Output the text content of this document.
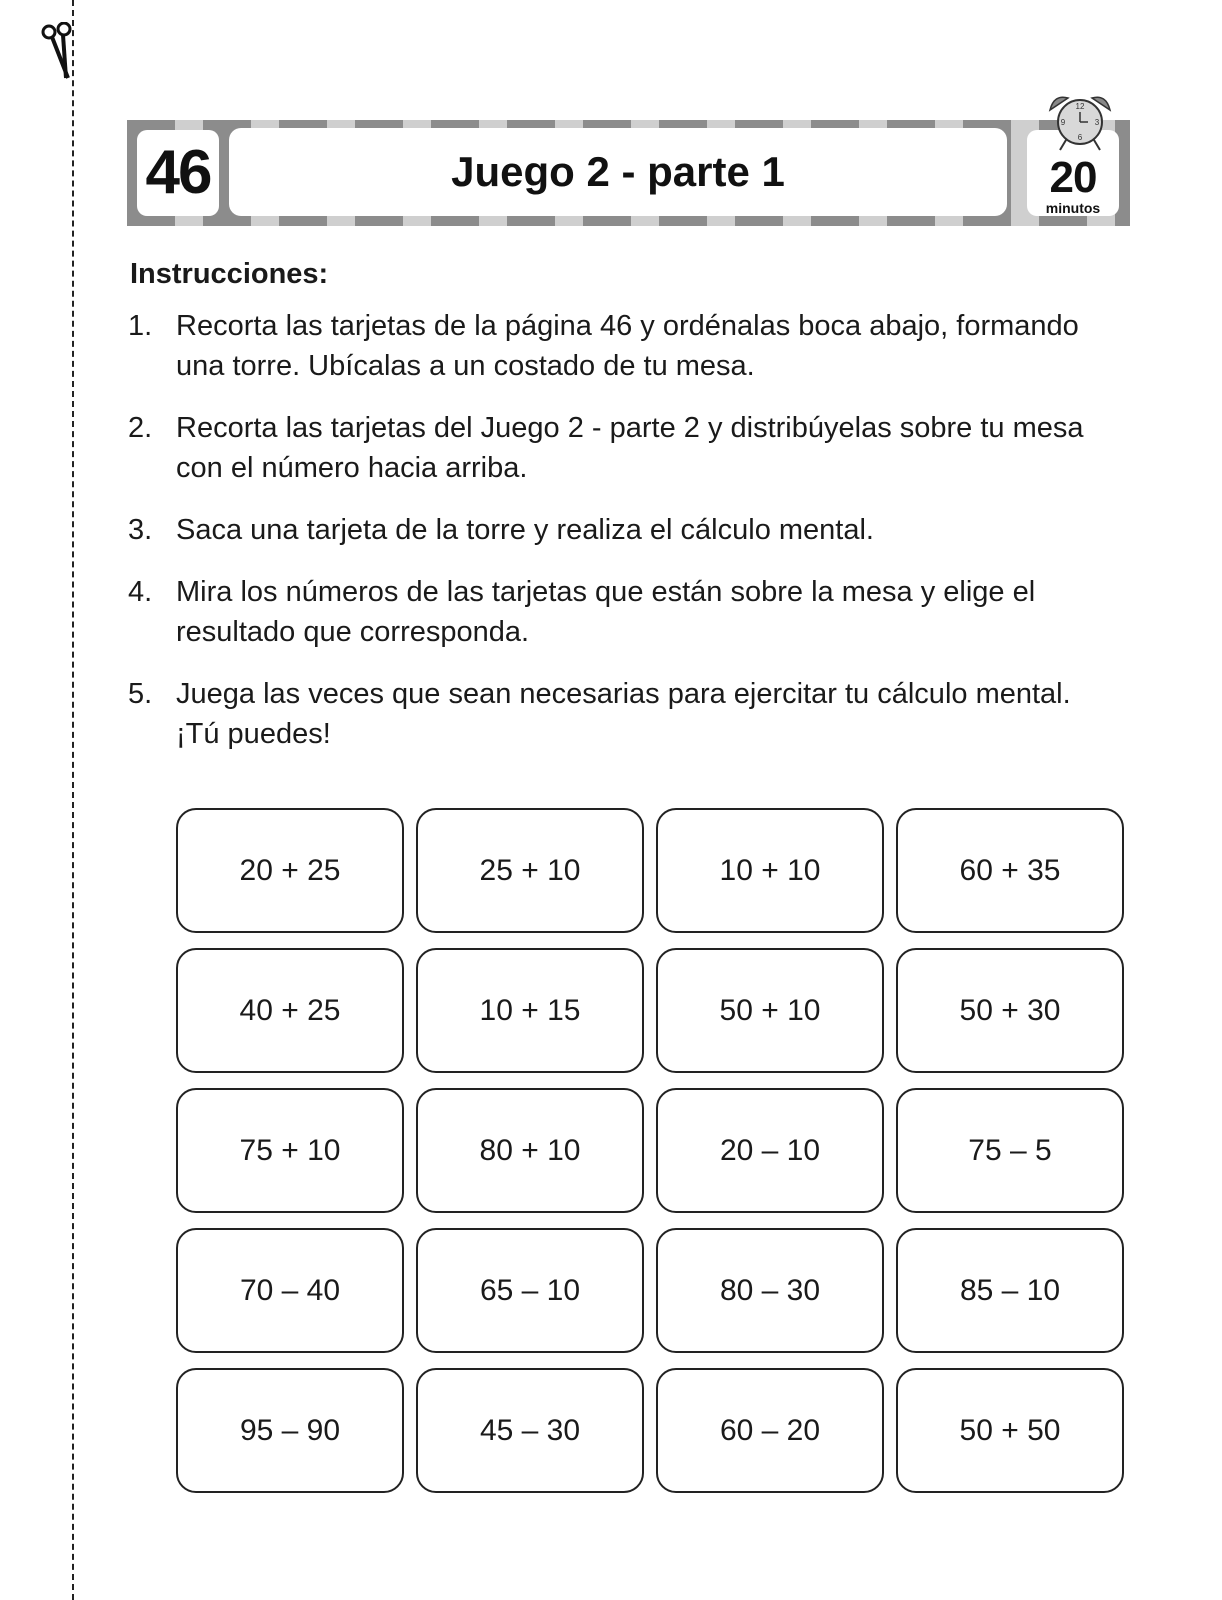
46	Juego 2 - parte 1	20
minutos
12
3
6
9
Instrucciones:
1. Recorta las tarjetas de la página 46 y ordénalas boca abajo, formando una torre. Ubícalas a un costado de tu mesa.
2. Recorta las tarjetas del Juego 2 - parte 2 y distribúyelas sobre tu mesa con el número hacia arriba.
3. Saca una tarjeta de la torre y realiza el cálculo mental.
4. Mira los números de las tarjetas que están sobre la mesa y elige el resultado que corresponda.
5. Juega las veces que sean necesarias para ejercitar tu cálculo mental. ¡Tú puedes!
20 + 25	25 + 10	10 + 10	60 + 35
40 + 25	10 + 15	50 + 10	50 + 30
75 + 10	80 + 10	20 – 10	75 – 5
70 – 40	65 – 10	80 – 30	85 – 10
95 – 90	45 – 30	60 – 20	50 + 50
